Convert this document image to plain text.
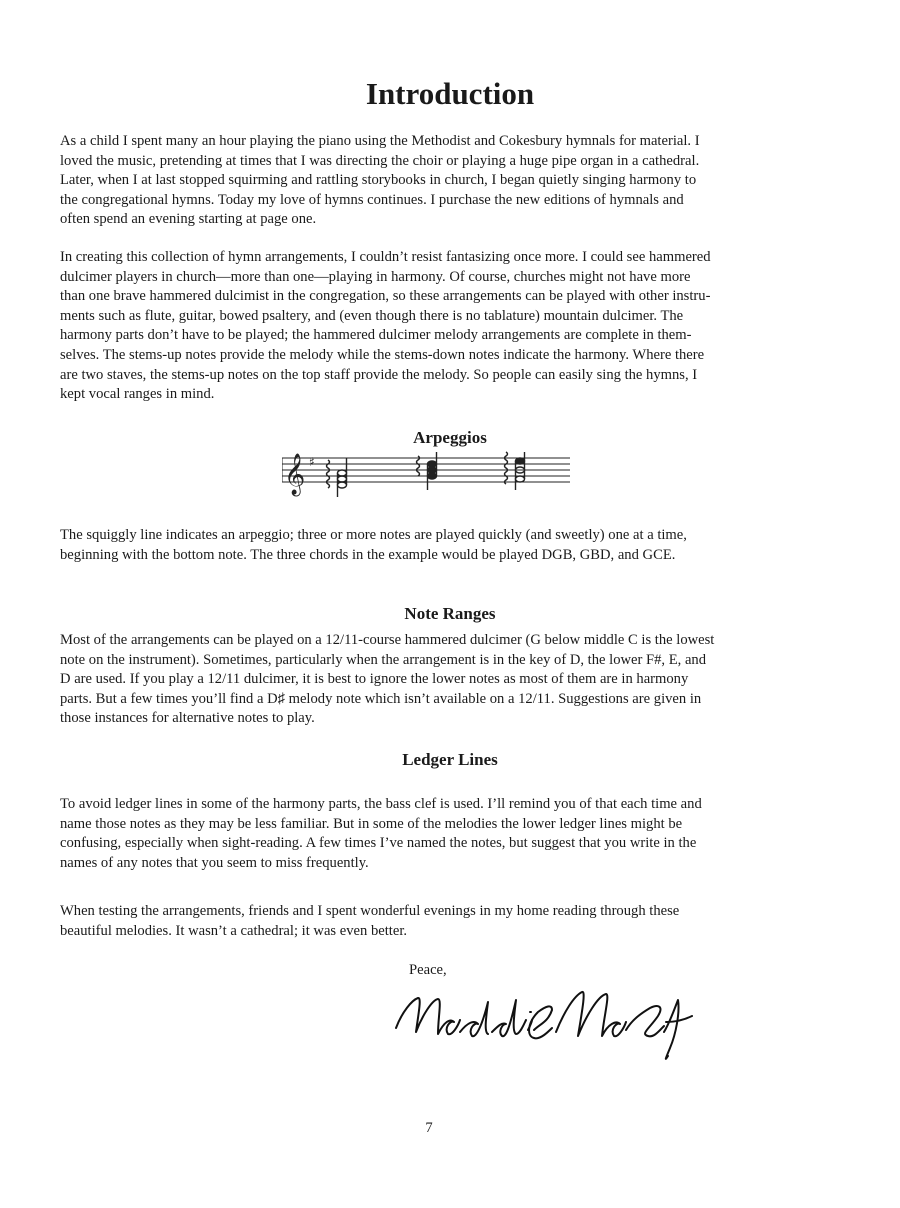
Introduction

As a child I spent many an hour playing the piano using the Methodist and Cokesbury hymnals for material. I
loved the music, pretending at times that I was directing the choir or playing a huge pipe organ in a cathedral.
Later, when I at last stopped squirming and rattling storybooks in church, I began quietly singing harmony to
the congregational hymns. Today my love of hymns continues. I purchase the new editions of hymnals and
often spend an evening starting at page one.

In creating this collection of hymn arrangements, I couldn’t resist fantasizing once more. I could see hammered
dulcimer players in church—more than one—playing in harmony. Of course, churches might not have more
than one brave hammered dulcimist in the congregation, so these arrangements can be played with other instru-
ments such as flute, guitar, bowed psaltery, and (even though there is no tablature) mountain dulcimer. The
harmony parts don’t have to be played; the hammered dulcimer melody arrangements are complete in them-
selves. The stems-up notes provide the melody while the stems-down notes indicate the harmony. Where there
are two staves, the stems-up notes on the top staff provide the melody. So people can easily sing the hymns, I
kept vocal ranges in mind.

Arpeggios
𝄞 ♯

The squiggly line indicates an arpeggio; three or more notes are played quickly (and sweetly) one at a time,
beginning with the bottom note. The three chords in the example would be played DGB, GBD, and GCE.

Note Ranges

Most of the arrangements can be played on a 12/11-course hammered dulcimer (G below middle C is the lowest
note on the instrument). Sometimes, particularly when the arrangement is in the key of D, the lower F#, E, and
D are used. If you play a 12/11 dulcimer, it is best to ignore the lower notes as most of them are in harmony
parts. But a few times you’ll find a D♯ melody note which isn’t available on a 12/11. Suggestions are given in
those instances for alternative notes to play.

Ledger Lines

To avoid ledger lines in some of the harmony parts, the bass clef is used. I’ll remind you of that each time and
name those notes as they may be less familiar. But in some of the melodies the lower ledger lines might be
confusing, especially when sight-reading. A few times I’ve named the notes, but suggest that you write in the
names of any notes that you seem to miss frequently.

When testing the arrangements, friends and I spent wonderful evenings in my home reading through these
beautiful melodies. It wasn’t a cathedral; it was even better.

Peace,
7
